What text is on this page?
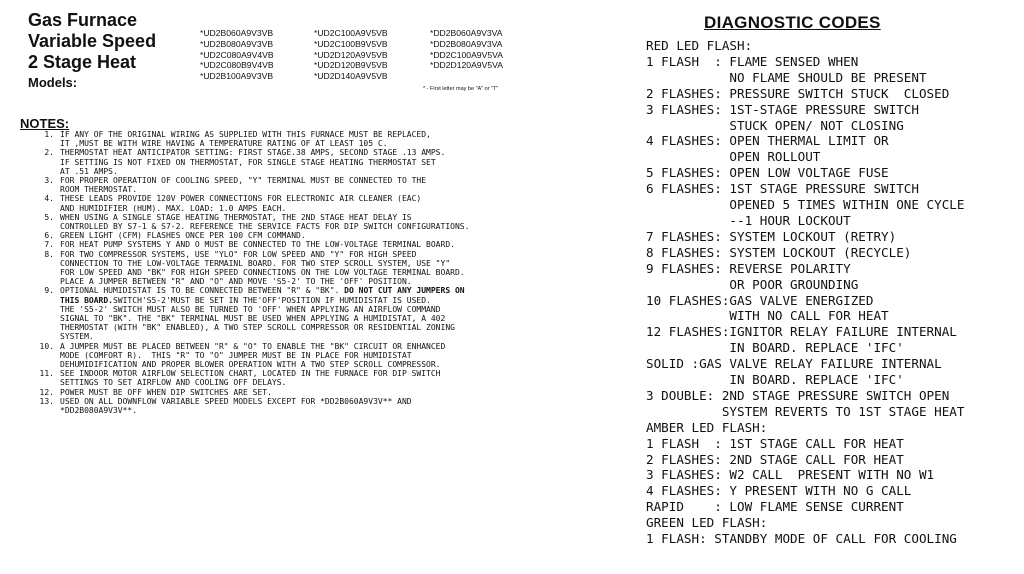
Gas Furnace
Variable Speed
2 Stage Heat
Models:
*UD2B060A9V3VB
*UD2B080A9V3VB
*UD2C080A9V4VB
*UD2C080B9V4VB
*UD2B100A9V3VB
*UD2C100A9V5VB
*UD2C100B9V5VB
*UD2D120A9V5VB
*UD2D120B9V5VB
*UD2D140A9V5VB
*DD2B060A9V3VA
*DD2B080A9V3VA
*DD2C100A9V5VA
*DD2D120A9V5VA
* - First letter may be "A" or "T"
NOTES:
1. IF ANY OF THE ORIGINAL WIRING AS SUPPLIED WITH THIS FURNACE MUST BE REPLACED,
IT ,MUST BE WITH WIRE HAVING A TEMPERATURE RATING OF AT LEAST 105 C.
2. THERMOSTAT HEAT ANTICIPATOR SETTING: FIRST STAGE.38 AMPS, SECOND STAGE .13 AMPS.
IF SETTING IS NOT FIXED ON THERMOSTAT, FOR SINGLE STAGE HEATING THERMOSTAT SET
AT .51 AMPS.
3. FOR PROPER OPERATION OF COOLING SPEED, "Y" TERMINAL MUST BE CONNECTED TO THE
ROOM THERMOSTAT.
4. THESE LEADS PROVIDE 120V POWER CONNECTIONS FOR ELECTRONIC AIR CLEANER (EAC)
AND HUMIDIFIER (HUM). MAX. LOAD: 1.0 AMPS EACH.
5. WHEN USING A SINGLE STAGE HEATING THERMOSTAT, THE 2ND STAGE HEAT DELAY IS
CONTROLLED BY S7-1 & S7-2. REFERENCE THE SERVICE FACTS FOR DIP SWITCH CONFIGURATIONS.
6. GREEN LIGHT (CFM) FLASHES ONCE PER 100 CFM COMMAND.
7. FOR HEAT PUMP SYSTEMS Y AND O MUST BE CONNECTED TO THE LOW-VOLTAGE TERMINAL BOARD.
8. FOR TWO COMPRESSOR SYSTEMS, USE "YLO" FOR LOW SPEED AND "Y" FOR HIGH SPEED
CONNECTION TO THE LOW-VOLTAGE TERMAINL BOARD. FOR TWO STEP SCROLL SYSTEM, USE "Y"
FOR LOW SPEED AND "BK" FOR HIGH SPEED CONNECTIONS ON THE LOW VOLTAGE TERMINAL BOARD.
PLACE A JUMPER BETWEEN "R" AND "O" AND MOVE 'S5-2' TO THE 'OFF' POSITION.
9. OPTIONAL HUMIDISTAT IS TO BE CONNECTED BETWEEN "R" & "BK". DO NOT CUT ANY JUMPERS ON
THIS BOARD.SWITCH'S5-2'MUST BE SET IN THE'OFF'POSITION IF HUMIDISTAT IS USED.
THE 'S5-2' SWITCH MUST ALSO BE TURNED TO 'OFF' WHEN APPLYING AN AIRFLOW COMMAND
SIGNAL TO "BK". THE "BK" TERMINAL MUST BE USED WHEN APPLYING A HUMIDISTAT, A 402
THERMOSTAT (WITH "BK" ENABLED), A TWO STEP SCROLL COMPRESSOR OR RESIDENTIAL ZONING
SYSTEM.
10. A JUMPER MUST BE PLACED BETWEEN "R" & "O" TO ENABLE THE "BK" CIRCUIT OR ENHANCED
MODE (COMFORT R).  THIS "R" TO "O" JUMPER MUST BE IN PLACE FOR HUMIDISTAT
DEHUMIDIFICATION AND PROPER BLOWER OPERATION WITH A TWO STEP SCROLL COMPRESSOR.
11. SEE INDOOR MOTOR AIRFLOW SELECTION CHART, LOCATED IN THE FURNACE FOR DIP SWITCH
SETTINGS TO SET AIRFLOW AND COOLING OFF DELAYS.
12. POWER MUST BE OFF WHEN DIP SWITCHES ARE SET.
13. USED ON ALL DOWNFLOW VARIABLE SPEED MODELS EXCEPT FOR *DD2B060A9V3V** AND
*DD2B080A9V3V**.
DIAGNOSTIC CODES
RED LED FLASH:
1 FLASH  : FLAME SENSED WHEN
NO FLAME SHOULD BE PRESENT
2 FLASHES: PRESSURE SWITCH STUCK  CLOSED
3 FLASHES: 1ST-STAGE PRESSURE SWITCH
STUCK OPEN/ NOT CLOSING
4 FLASHES: OPEN THERMAL LIMIT OR
OPEN ROLLOUT
5 FLASHES: OPEN LOW VOLTAGE FUSE
6 FLASHES: 1ST STAGE PRESSURE SWITCH
OPENED 5 TIMES WITHIN ONE CYCLE
--1 HOUR LOCKOUT
7 FLASHES: SYSTEM LOCKOUT (RETRY)
8 FLASHES: SYSTEM LOCKOUT (RECYCLE)
9 FLASHES: REVERSE POLARITY
OR POOR GROUNDING
10 FLASHES:GAS VALVE ENERGIZED
WITH NO CALL FOR HEAT
12 FLASHES:IGNITOR RELAY FAILURE INTERNAL
IN BOARD. REPLACE 'IFC'
SOLID :GAS VALVE RELAY FAILURE INTERNAL
IN BOARD. REPLACE 'IFC'
3 DOUBLE: 2ND STAGE PRESSURE SWITCH OPEN
SYSTEM REVERTS TO 1ST STAGE HEAT
AMBER LED FLASH:
1 FLASH  : 1ST STAGE CALL FOR HEAT
2 FLASHES: 2ND STAGE CALL FOR HEAT
3 FLASHES: W2 CALL  PRESENT WITH NO W1
4 FLASHES: Y PRESENT WITH NO G CALL
RAPID    : LOW FLAME SENSE CURRENT
GREEN LED FLASH:
1 FLASH: STANDBY MODE OF CALL FOR COOLING
